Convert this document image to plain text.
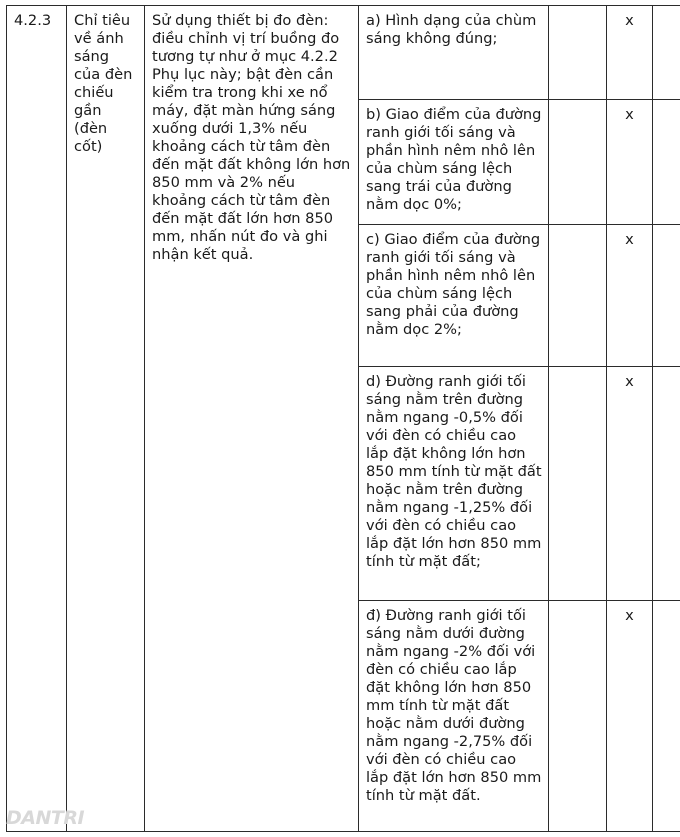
4.2.3	Chỉ tiêu về ánh sáng của đèn chiếu gần (đèn cốt)	Sử dụng thiết bị đo đèn: điều chỉnh vị trí buồng đo tương tự như ở mục 4.2.2 Phụ lục này; bật đèn cần kiểm tra trong khi xe nổ máy, đặt màn hứng sáng xuống dưới 1,3% nếu khoảng cách từ tâm đèn đến mặt đất không lớn hơn 850 mm và 2% nếu khoảng cách từ tâm đèn đến mặt đất lớn hơn 850 mm, nhấn nút đo và ghi nhận kết quả.	a) Hình dạng của chùm sáng không đúng;		x	
			b) Giao điểm của đường ranh giới tối sáng và phần hình nêm nhô lên của chùm sáng lệch sang trái của đường nằm dọc 0%;		x	
			c) Giao điểm của đường ranh giới tối sáng và phần hình nêm nhô lên của chùm sáng lệch sang phải của đường nằm dọc 2%;		x	
			d) Đường ranh giới tối sáng nằm trên đường nằm ngang -0,5% đối với đèn có chiều cao lắp đặt không lớn hơn 850 mm tính từ mặt đất hoặc nằm trên đường nằm ngang -1,25% đối với đèn có chiều cao lắp đặt lớn hơn 850 mm tính từ mặt đất;		x	
			đ) Đường ranh giới tối sáng nằm dưới đường nằm ngang -2% đối với đèn có chiều cao lắp đặt không lớn hơn 850 mm tính từ mặt đất hoặc nằm dưới đường nằm ngang -2,75% đối với đèn có chiều cao lắp đặt lớn hơn 850 mm tính từ mặt đất.		x	
DANTRI
